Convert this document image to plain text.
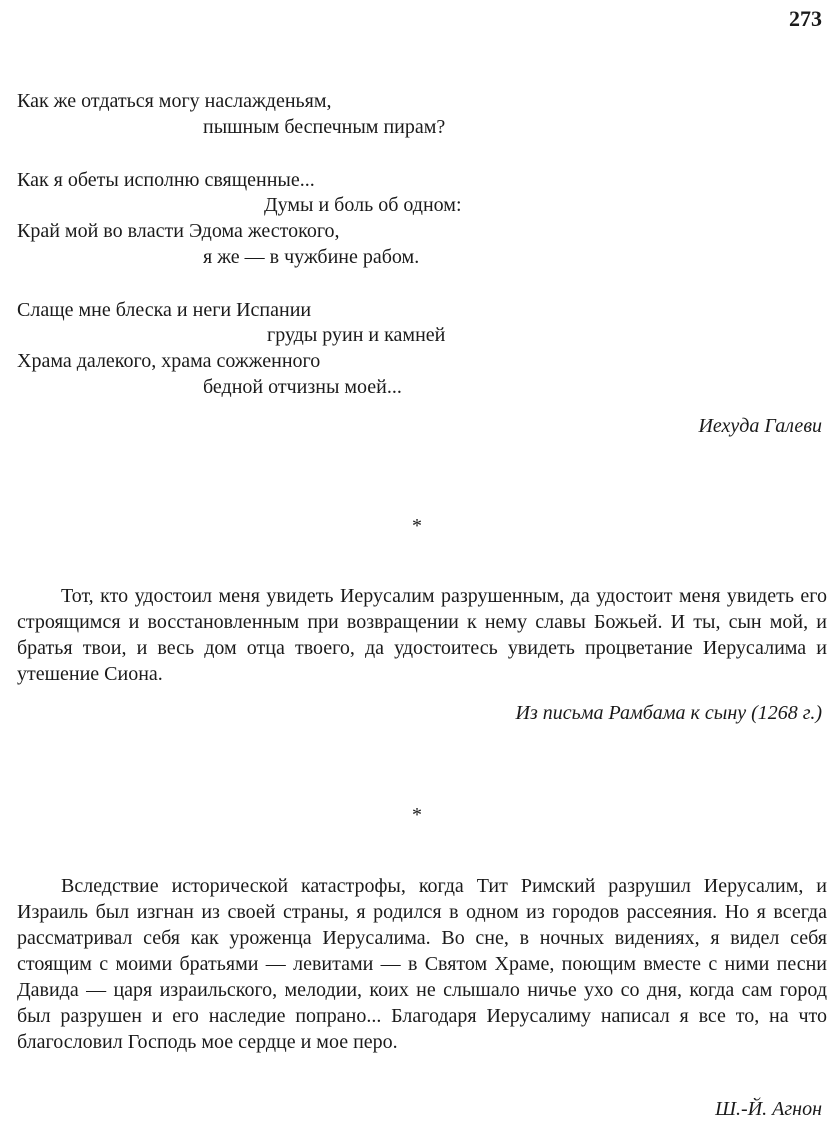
273
Как же отдаться могу наслажденьям,
пышным беспечным пирам?
Как я обеты исполню священные...
Думы и боль об одном:
Край мой во власти Эдома жестокого,
я же — в чужбине рабом.
Слаще мне блеска и неги Испании
груды руин и камней
Храма далекого, храма сожженного
бедной отчизны моей...
Иехуда Галеви
*

Тот, кто удостоил меня увидеть Иерусалим разрушенным, да удостоит меня увидеть его строящимся и восстановленным при возвращении к нему славы Божьей. И ты, сын мой, и братья твои, и весь дом отца твоего, да удостоитесь увидеть процветание Иерусалима и утешение Сиона.

Из письма Рамбама к сыну (1268 г.)
*

Вследствие исторической катастрофы, когда Тит Римский разрушил Иерусалим, и Израиль был изгнан из своей страны, я родился в одном из городов рассеяния. Но я всегда рассматривал себя как уроженца Иерусалима. Во сне, в ночных видениях, я видел себя стоящим с моими братьями — левитами — в Святом Храме, поющим вместе с ними песни Давида — царя израильского, мелодии, коих не слышало ничье ухо со дня, когда сам город был разрушен и его наследие попрано... Благодаря Иерусалиму написал я все то, на что благословил Господь мое сердце и мое перо.

Ш.-Й. Агнон
